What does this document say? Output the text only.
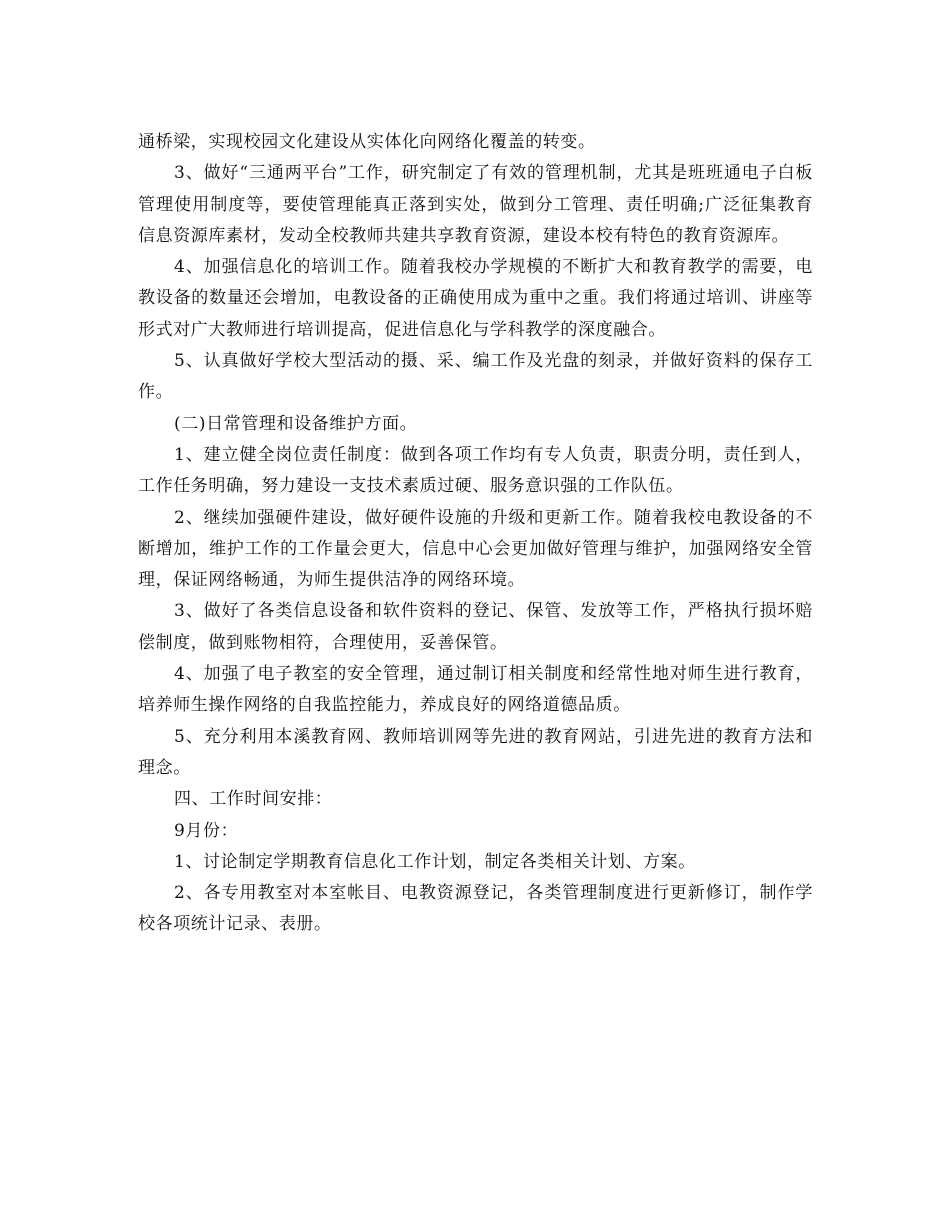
通桥梁，实现校园文化建设从实体化向网络化覆盖的转变。

3、做好“三通两平台”工作，研究制定了有效的管理机制，尤其是班班通电子白板管理使用制度等，要使管理能真正落到实处，做到分工管理、责任明确;广泛征集教育信息资源库素材，发动全校教师共建共享教育资源，建设本校有特色的教育资源库。

4、加强信息化的培训工作。随着我校办学规模的不断扩大和教育教学的需要，电教设备的数量还会增加，电教设备的正确使用成为重中之重。我们将通过培训、讲座等形式对广大教师进行培训提高，促进信息化与学科教学的深度融合。

5、认真做好学校大型活动的摄、采、编工作及光盘的刻录，并做好资料的保存工作。

(二)日常管理和设备维护方面。

1、建立健全岗位责任制度：做到各项工作均有专人负责，职责分明，责任到人，工作任务明确，努力建设一支技术素质过硬、服务意识强的工作队伍。

2、继续加强硬件建设，做好硬件设施的升级和更新工作。随着我校电教设备的不断增加，维护工作的工作量会更大，信息中心会更加做好管理与维护，加强网络安全管理，保证网络畅通，为师生提供洁净的网络环境。

3、做好了各类信息设备和软件资料的登记、保管、发放等工作，严格执行损坏赔偿制度，做到账物相符，合理使用，妥善保管。

4、加强了电子教室的安全管理，通过制订相关制度和经常性地对师生进行教育，培养师生操作网络的自我监控能力，养成良好的网络道德品质。

5、充分利用本溪教育网、教师培训网等先进的教育网站，引进先进的教育方法和理念。

四、工作时间安排：

9月份：

1、讨论制定学期教育信息化工作计划，制定各类相关计划、方案。

2、各专用教室对本室帐目、电教资源登记，各类管理制度进行更新修订，制作学校各项统计记录、表册。
